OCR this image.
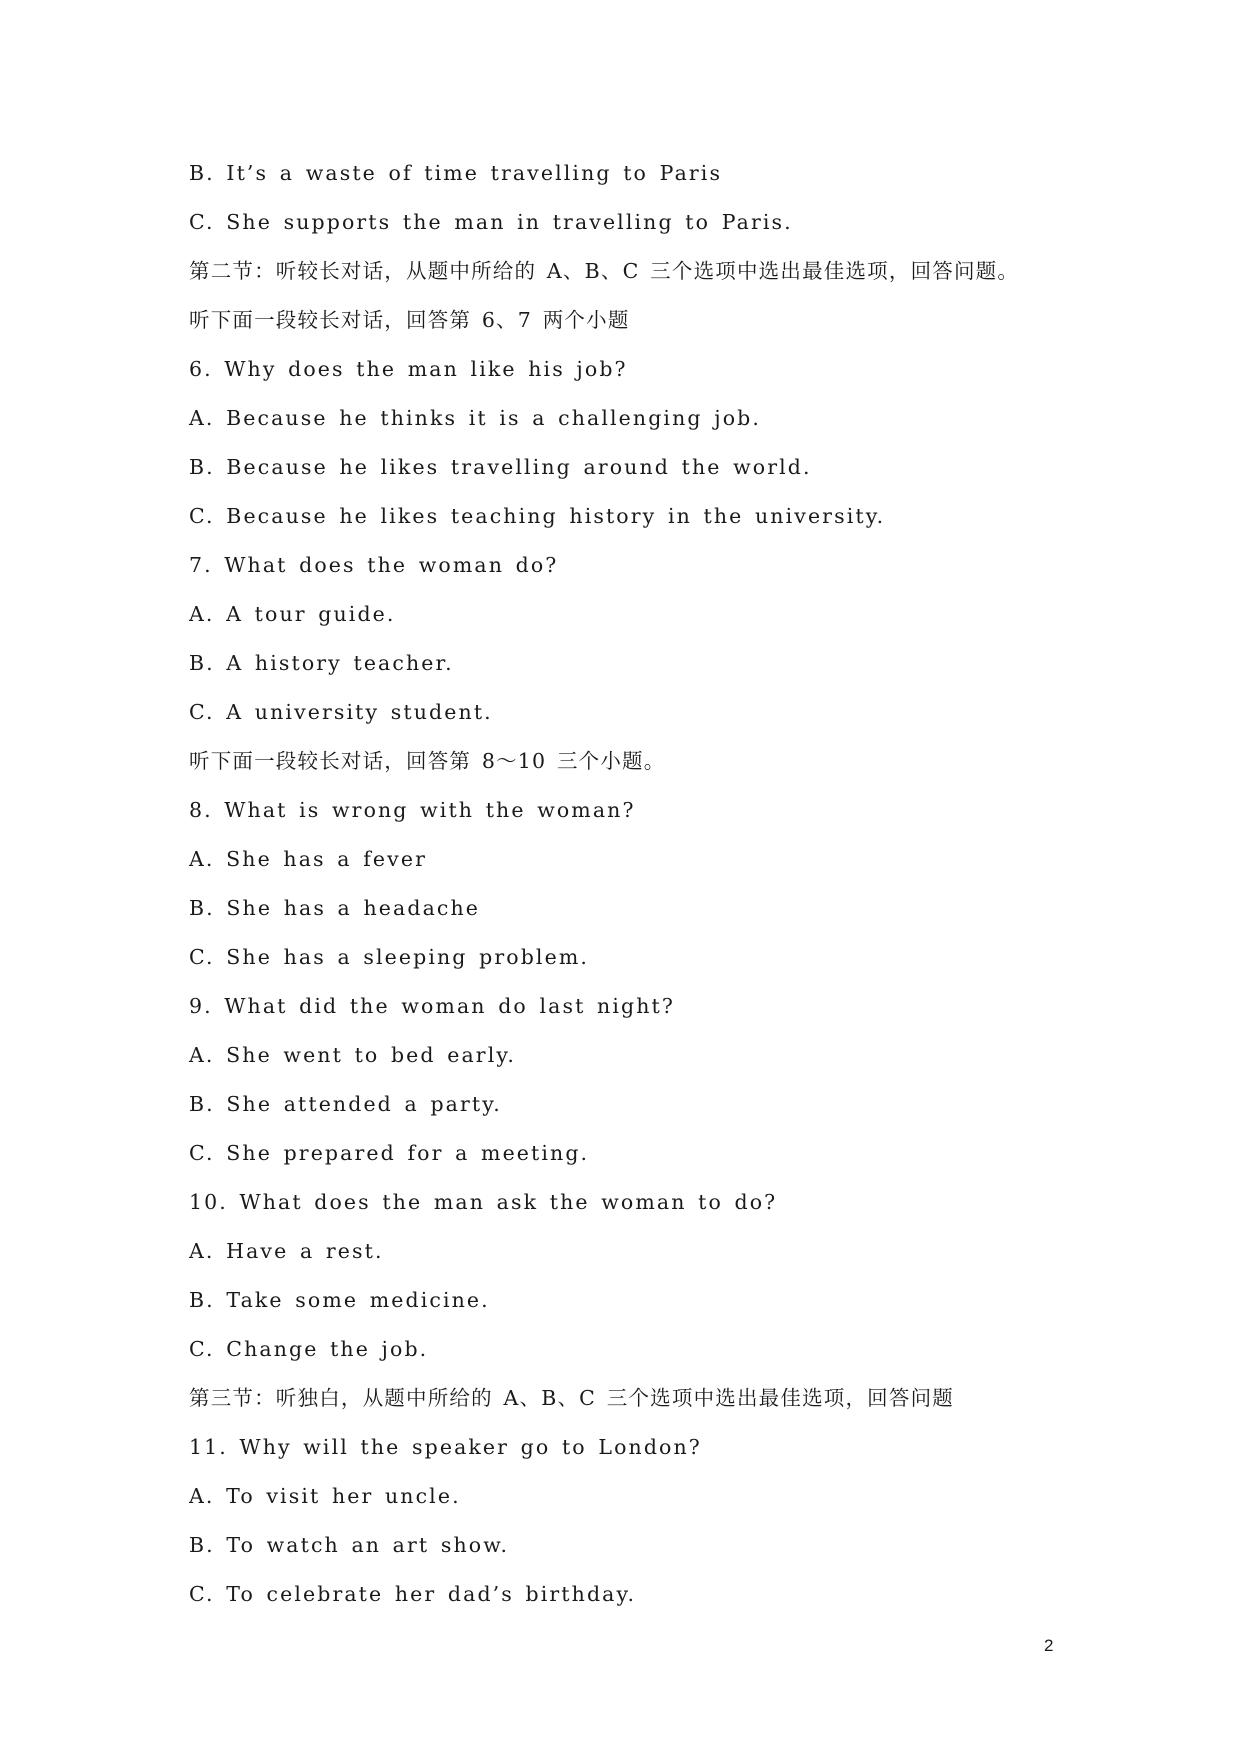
B. It’s a waste of time travelling to Paris
C. She supports the man in travelling to Paris.
第二节：听较长对话，从题中所给的 A、B、C 三个选项中选出最佳选项，回答问题。
听下面一段较长对话，回答第 6、7 两个小题
6. Why does the man like his job?
A. Because he thinks it is a challenging job.
B. Because he likes travelling around the world.
C. Because he likes teaching history in the university.
7. What does the woman do?
A. A tour guide.
B. A history teacher.
C. A university student.
听下面一段较长对话，回答第 8～10 三个小题。
8. What is wrong with the woman?
A. She has a fever
B. She has a headache
C. She has a sleeping problem.
9. What did the woman do last night?
A. She went to bed early.
B. She attended a party.
C. She prepared for a meeting.
10. What does the man ask the woman to do?
A. Have a rest.
B. Take some medicine.
C. Change the job.
第三节：听独白，从题中所给的 A、B、C 三个选项中选出最佳选项，回答问题
11. Why will the speaker go to London?
A. To visit her uncle.
B. To watch an art show.
C. To celebrate her dad’s birthday.
2
